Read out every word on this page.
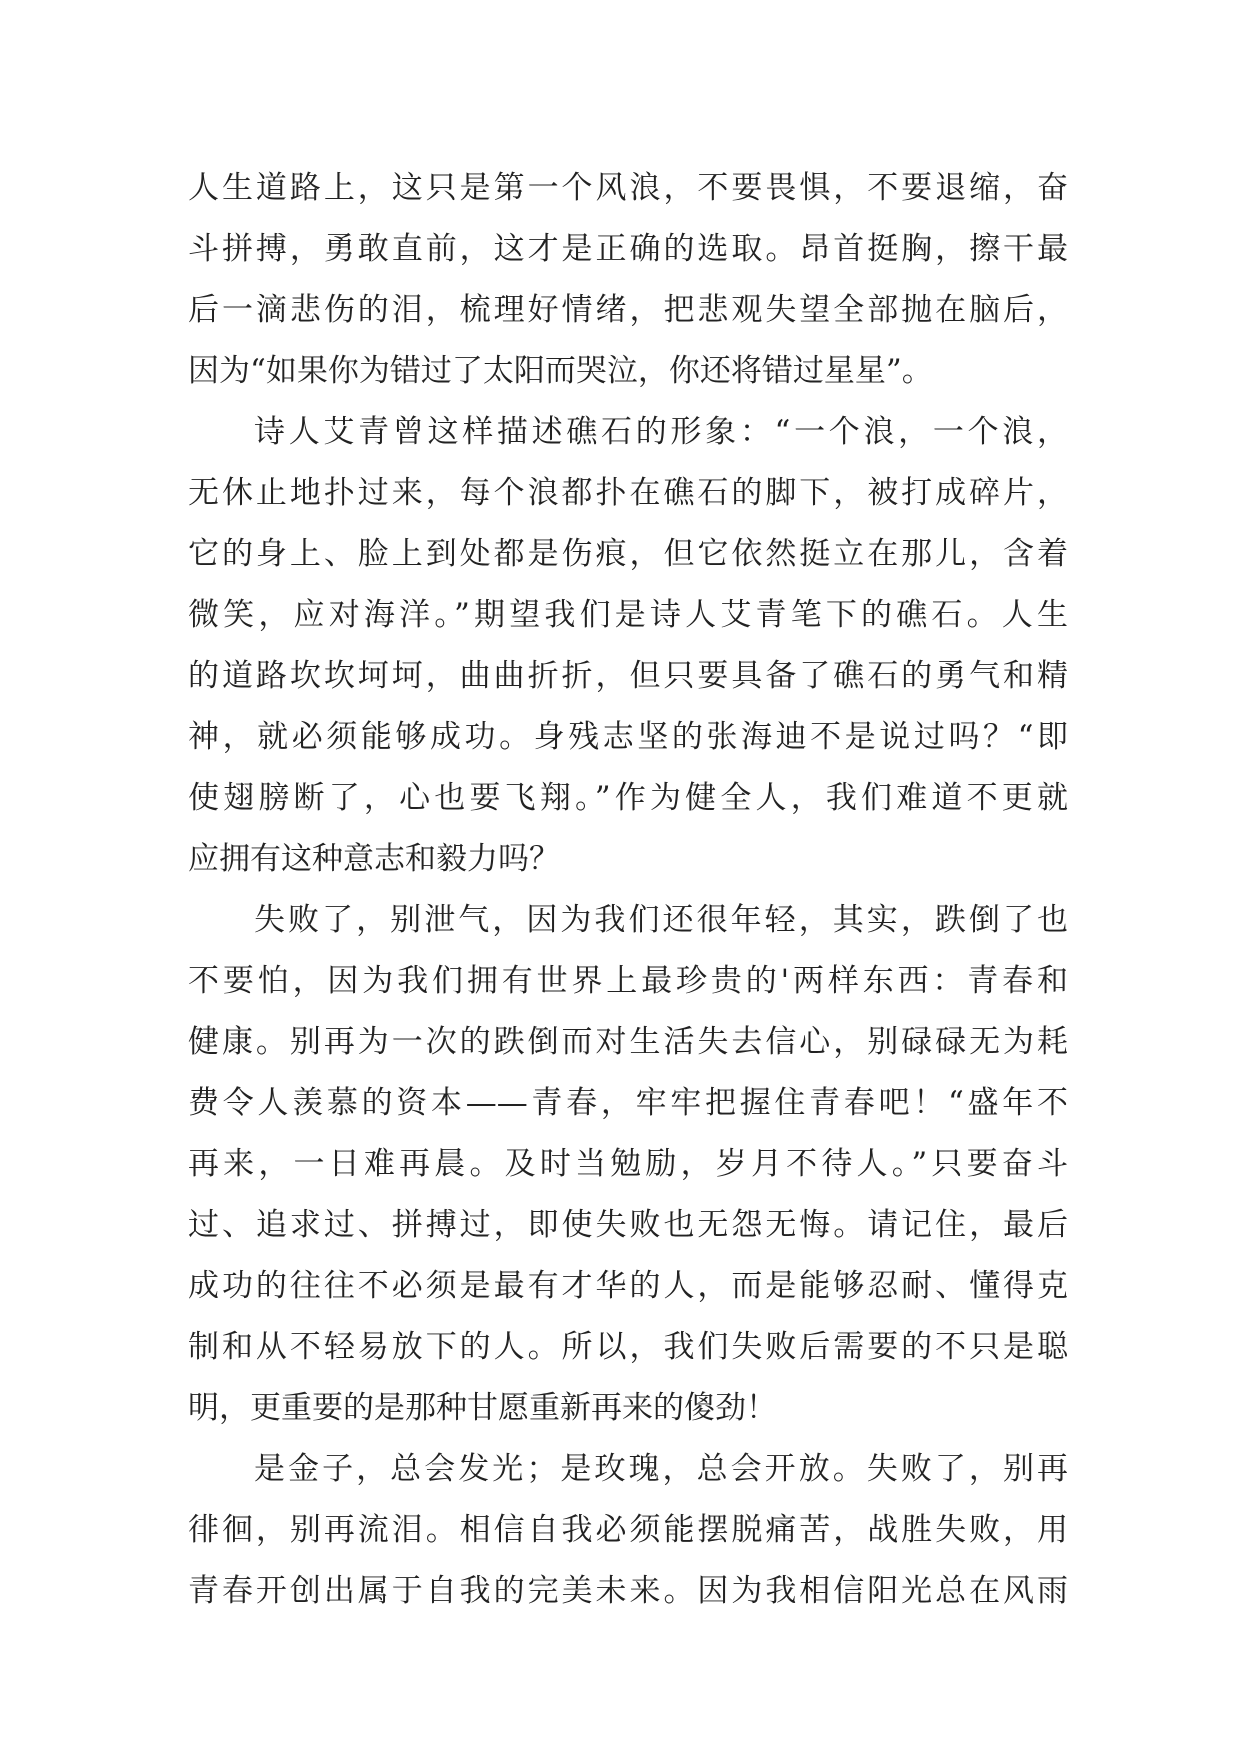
人生道路上，这只是第一个风浪，不要畏惧，不要退缩，奋
斗拼搏，勇敢直前，这才是正确的选取。昂首挺胸，擦干最
后一滴悲伤的泪，梳理好情绪，把悲观失望全部抛在脑后，
因为“如果你为错过了太阳而哭泣，你还将错过星星”。
诗人艾青曾这样描述礁石的形象：“一个浪，一个浪，
无休止地扑过来，每个浪都扑在礁石的脚下，被打成碎片，
它的身上、脸上到处都是伤痕，但它依然挺立在那儿，含着
微笑，应对海洋。”期望我们是诗人艾青笔下的礁石。人生
的道路坎坎坷坷，曲曲折折，但只要具备了礁石的勇气和精
神，就必须能够成功。身残志坚的张海迪不是说过吗？“即
使翅膀断了，心也要飞翔。”作为健全人，我们难道不更就
应拥有这种意志和毅力吗？
失败了，别泄气，因为我们还很年轻，其实，跌倒了也
不要怕，因为我们拥有世界上最珍贵的'两样东西：青春和
健康。别再为一次的跌倒而对生活失去信心，别碌碌无为耗
费令人羡慕的资本——青春，牢牢把握住青春吧！“盛年不
再来，一日难再晨。及时当勉励，岁月不待人。”只要奋斗
过、追求过、拼搏过，即使失败也无怨无悔。请记住，最后
成功的往往不必须是最有才华的人，而是能够忍耐、懂得克
制和从不轻易放下的人。所以，我们失败后需要的不只是聪
明，更重要的是那种甘愿重新再来的傻劲！
是金子，总会发光；是玫瑰，总会开放。失败了，别再
徘徊，别再流泪。相信自我必须能摆脱痛苦，战胜失败，用
青春开创出属于自我的完美未来。因为我相信阳光总在风雨
